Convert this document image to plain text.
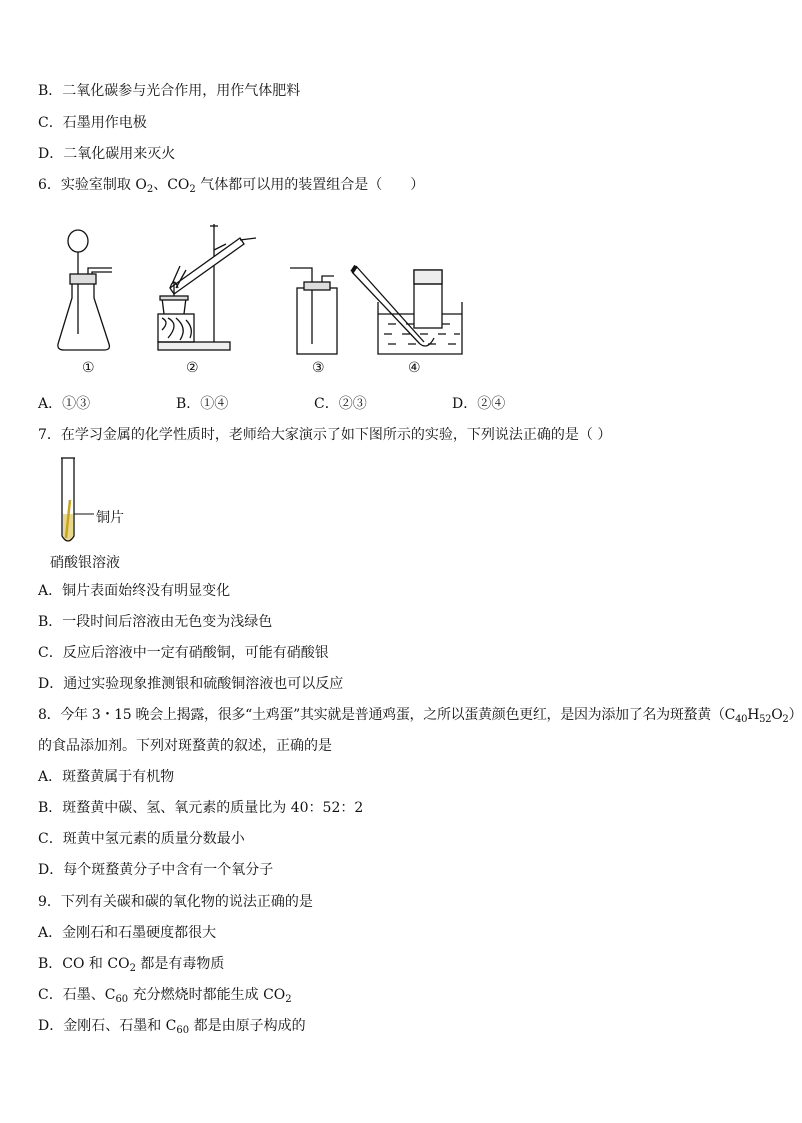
B．二氧化碳参与光合作用，用作气体肥料
C．石墨用作电极
D．二氧化碳用来灭火
6．实验室制取 $O_2$、$CO_2$ 气体都可以用的装置组合是（　　）
①	②	③	④
A．①③	B．①④	C．②③	D．②④
7．在学习金属的化学性质时，老师给大家演示了如下图所示的实验，下列说法正确的是（ ）
铜片
硝酸银溶液
A．铜片表面始终没有明显变化
B．一段时间后溶液由无色变为浅绿色
C．反应后溶液中一定有硝酸铜，可能有硝酸银
D．通过实验现象推测银和硫酸铜溶液也可以反应
8．今年 3・15 晚会上揭露，很多“土鸡蛋”其实就是普通鸡蛋，之所以蛋黄颜色更红，是因为添加了名为斑蝥黄$(C_{40}H_{52}O_2)$
的食品添加剂。下列对斑蝥黄的叙述，正确的是
A．斑蝥黄属于有机物
B．斑蝥黄中碳、氢、氧元素的质量比为 40：52：2
C．斑黄中氢元素的质量分数最小
D．每个斑蝥黄分子中含有一个氧分子
9．下列有关碳和碳的氧化物的说法正确的是
A．金刚石和石墨硬度都很大
B．CO 和 $CO_2$ 都是有毒物质
C．石墨、$C_{60}$ 充分燃烧时都能生成 $CO_2$
D．金刚石、石墨和 $C_{60}$ 都是由原子构成的
